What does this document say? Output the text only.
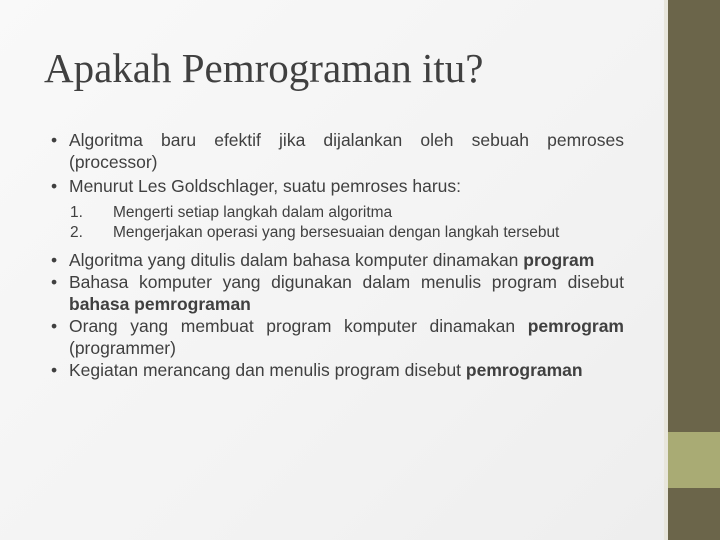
Apakah Pemrograman itu?
• Algoritma baru efektif jika dijalankan oleh sebuah pemroses (processor)
• Menurut Les Goldschlager, suatu pemroses harus:
1. Mengerti setiap langkah dalam algoritma
2. Mengerjakan operasi yang bersesuaian dengan langkah tersebut
• Algoritma yang ditulis dalam bahasa komputer dinamakan program
• Bahasa komputer yang digunakan dalam menulis program disebut bahasa pemrograman
• Orang yang membuat program komputer dinamakan pemrogram (programmer)
• Kegiatan merancang dan menulis program disebut pemrograman
